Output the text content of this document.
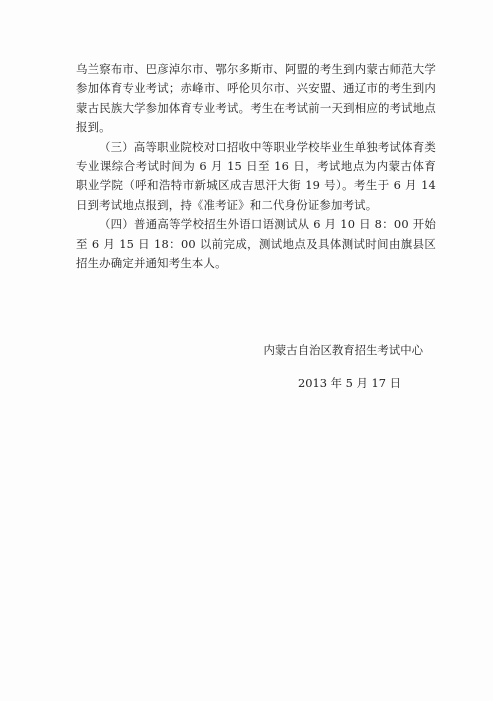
乌兰察布市、巴彦淖尔市、鄂尔多斯市、阿盟的考生到内蒙古师范大学参加体育专业考试；赤峰市、呼伦贝尔市、兴安盟、通辽市的考生到内蒙古民族大学参加体育专业考试。考生在考试前一天到相应的考试地点报到。

（三）高等职业院校对口招收中等职业学校毕业生单独考试体育类专业课综合考试时间为 6 月 15 日至 16 日，考试地点为内蒙古体育职业学院（呼和浩特市新城区成吉思汗大街 19 号）。考生于 6 月 14 日到考试地点报到，持《准考证》和二代身份证参加考试。

（四）普通高等学校招生外语口语测试从 6 月 10 日 8：00 开始至 6 月 15 日 18：00 以前完成，测试地点及具体测试时间由旗县区招生办确定并通知考生本人。

内蒙古自治区教育招生考试中心

2013 年 5 月 17 日
